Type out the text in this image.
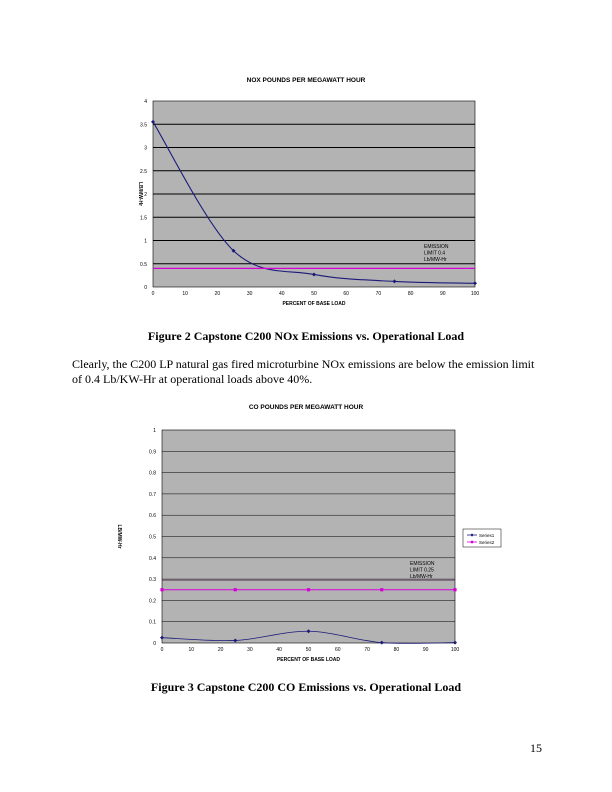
NOX POUNDS PER MEGAWATT HOUR
0
0.5
1
1.5
2
2.5
3
3.5
4
0	10	20	30	40	50	60	70	80	90	100
PERCENT OF BASE LOAD
LB/MW-Hr
EMISSION
LIMIT 0.4
Lb/MW-Hr
Figure 2 Capstone C200 NOx Emissions vs. Operational Load
Clearly, the C200 LP natural gas fired microturbine NOx emissions are below the emission limit of 0.4 Lb/KW-Hr at operational loads above 40%.
CO POUNDS PER MEGAWATT HOUR
0
0.1
0.2
0.3
0.4
0.5
0.6
0.7
0.8
0.9
1
0	10	20	30	40	50	60	70	80	90	100
PERCENT OF BASE LOAD
LB/MW-Hr
EMISSION
LIMIT 0.25
Lb/MW-Hr
Series1
Series2
Figure 3 Capstone C200 CO Emissions vs. Operational Load
15
